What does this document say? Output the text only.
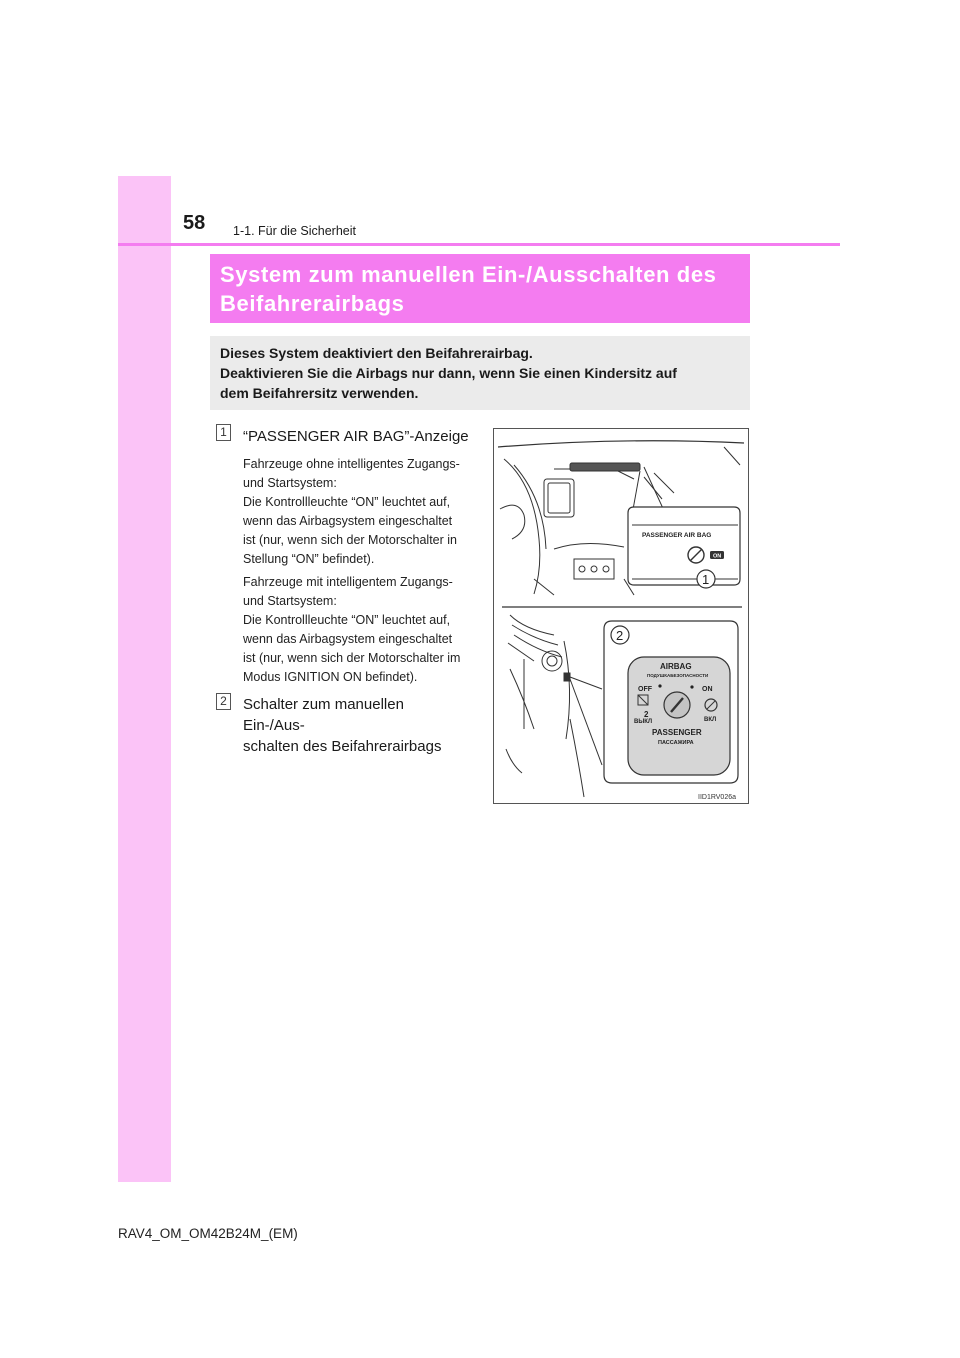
58 1-1. Für die Sicherheit
System zum manuellen Ein-/Ausschalten des
Beifahrerairbags

Dieses System deaktiviert den Beifahrerairbag.

Deaktivieren Sie die Airbags nur dann, wenn Sie einen Kindersitz auf

dem Beifahrersitz verwenden.

1 “PASSENGER AIR BAG”-Anzeige

Fahrzeuge ohne intelligentes Zugangs-

und Startsystem:

Die Kontrollleuchte “ON” leuchtet auf,

wenn das Airbagsystem eingeschaltet

ist (nur, wenn sich der Motorschalter in

Stellung “ON” befindet).

Fahrzeuge mit intelligentem Zugangs-

und Startsystem:

Die Kontrollleuchte “ON” leuchtet auf,

wenn das Airbagsystem eingeschaltet

ist (nur, wenn sich der Motorschalter im

Modus IGNITION ON befindet).

2 Schalter zum manuellen Ein-/Aus-
schalten des Beifahrerairbags
PASSENGER AIR BAG
ON
1
2
AIRBAG
ПОДУШКАБЕЗОПАСНОСТИ
OFF	ON
2
ВЫКЛ	ВКЛ
PASSENGER
ПАССАЖИРА
IID1RV026a
RAV4_OM_OM42B24M_(EM)
